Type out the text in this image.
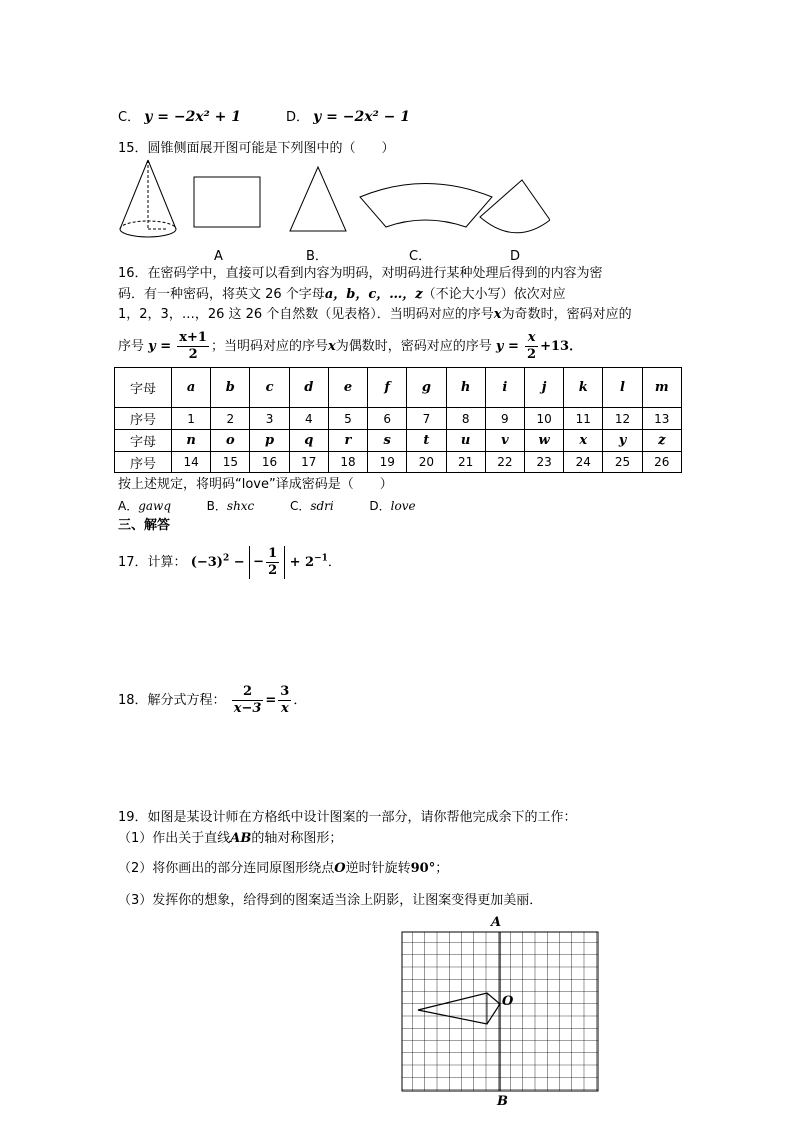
C． y = −2x² + 1	D． y = −2x² − 1
15．圆锥侧面展开图可能是下列图中的（　　）
A	B．	C．	D
16．在密码学中，直接可以看到内容为明码，对明码进行某种处理后得到的内容为密
码．有一种密码，将英文 26 个字母a，b，c，…，z（不论大小写）依次对应
1，2，3，…，26 这 26 个自然数（见表格）．当明码对应的序号x为奇数时，密码对应的
序号 $y = \frac{x+1}{2}$ ；当明码对应的序号x为偶数时，密码对应的序号 $y = \frac{x}{2} +13$．
字母	a	b	c	d	e	f	g	h	i	j	k	l	m
序号	1	2	3	4	5	6	7	8	9	10	11	12	13
字母	n	o	p	q	r	s	t	u	v	w	x	y	z
序号	14	15	16	17	18	19	20	21	22	23	24	25	26
按上述规定，将明码“love”译成密码是（　　）
A．gawq	B．shxc	C．sdri	D．love
三、解答
17．计算： $(-3)^2$ − − $\frac{1}{2} + 2^{-1}$．
18．解分式方程： $\frac{2}{x-3} = \frac{3}{x}$ ．
19．如图是某设计师在方格纸中设计图案的一部分，请你帮他完成余下的工作：
（1）作出关于直线AB的轴对称图形；
（2）将你画出的部分连同原图形绕点O逆时针旋转90°；
（3）发挥你的想象，给得到的图案适当涂上阴影，让图案变得更加美丽．
A
O
B
